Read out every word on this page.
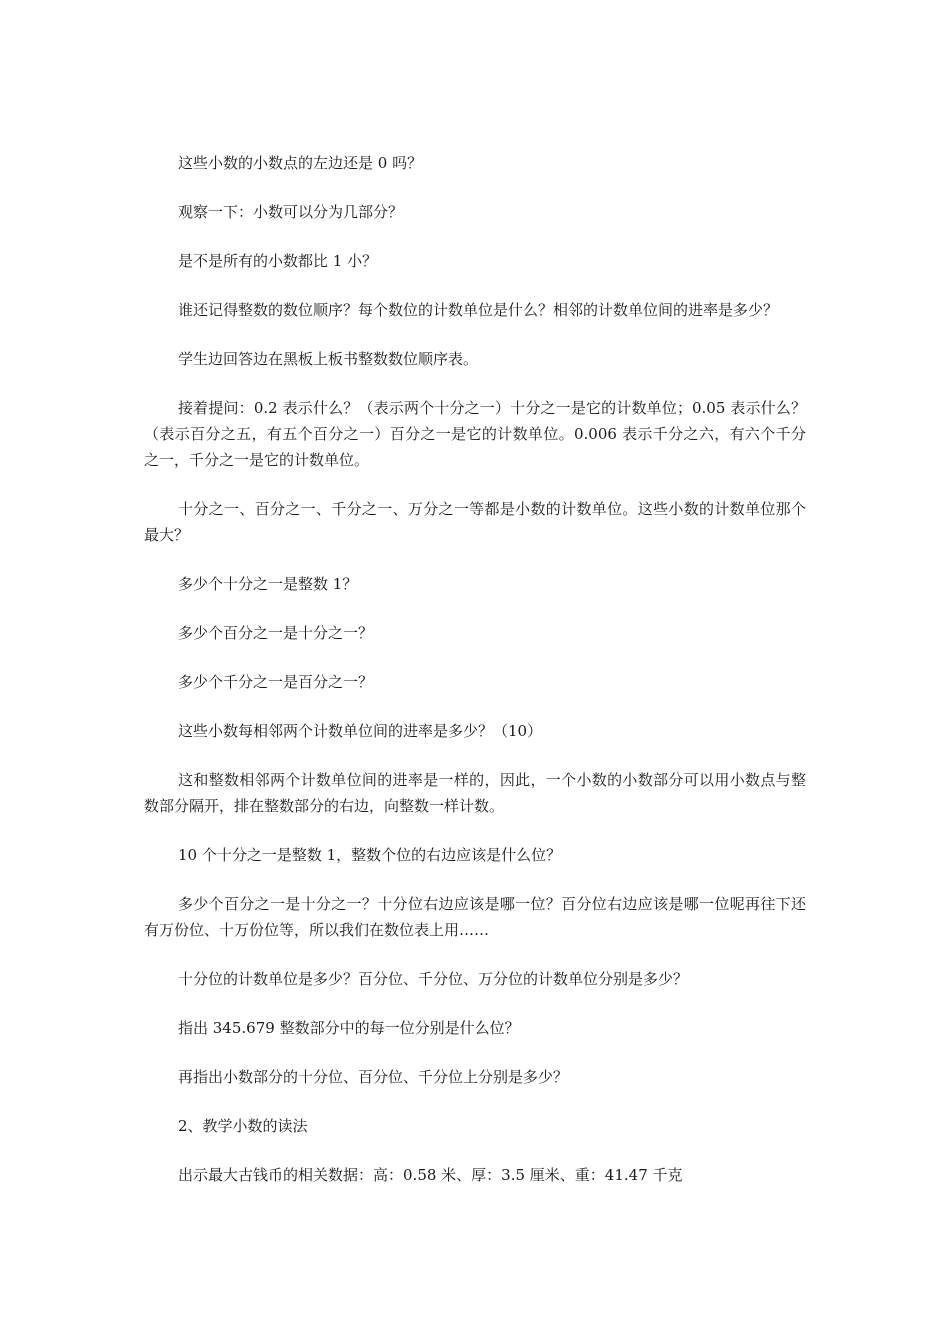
这些小数的小数点的左边还是 0 吗？

观察一下：小数可以分为几部分？

是不是所有的小数都比 1 小？

谁还记得整数的数位顺序？每个数位的计数单位是什么？相邻的计数单位间的进率是多少？

学生边回答边在黑板上板书整数数位顺序表。

接着提问：0.2 表示什么？（表示两个十分之一）十分之一是它的计数单位；0.05 表示什么？（表示百分之五，有五个百分之一）百分之一是它的计数单位。0.006 表示千分之六，有六个千分之一，千分之一是它的计数单位。

十分之一、百分之一、千分之一、万分之一等都是小数的计数单位。这些小数的计数单位那个最大？

多少个十分之一是整数 1？

多少个百分之一是十分之一？

多少个千分之一是百分之一？

这些小数每相邻两个计数单位间的进率是多少？（10）

这和整数相邻两个计数单位间的进率是一样的，因此，一个小数的小数部分可以用小数点与整数部分隔开，排在整数部分的右边，向整数一样计数。

10 个十分之一是整数 1，整数个位的右边应该是什么位？

多少个百分之一是十分之一？十分位右边应该是哪一位？百分位右边应该是哪一位呢再往下还有万份位、十万份位等，所以我们在数位表上用……

十分位的计数单位是多少？百分位、千分位、万分位的计数单位分别是多少？

指出 345.679 整数部分中的每一位分别是什么位？

再指出小数部分的十分位、百分位、千分位上分别是多少？

2、教学小数的读法

出示最大古钱币的相关数据：高：0.58 米、厚：3.5 厘米、重：41.47 千克
